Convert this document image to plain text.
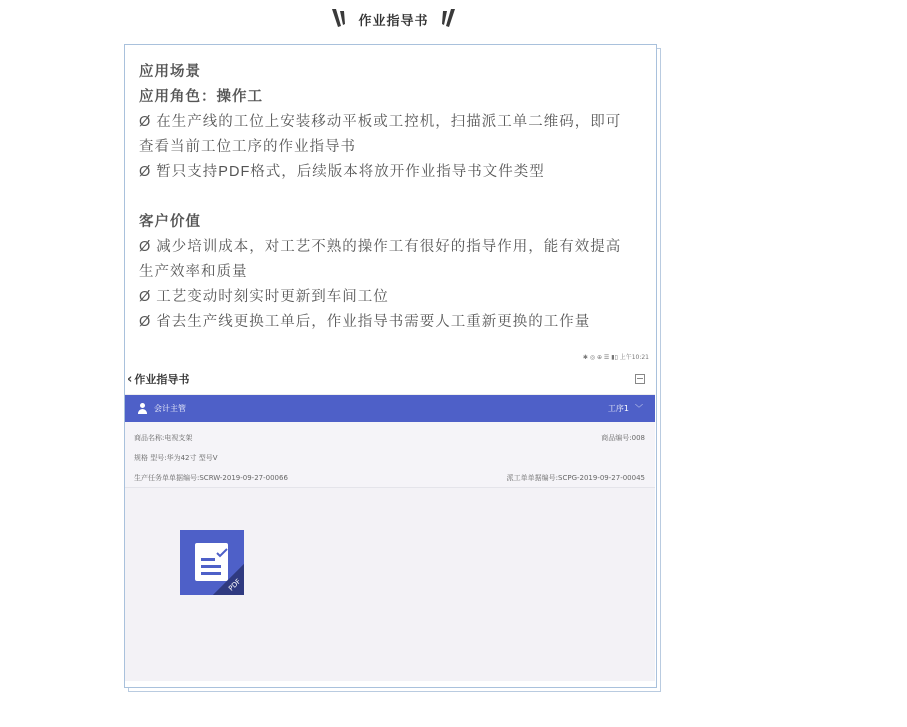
作业指导书

应用场景

应用角色：操作工

Ø 在生产线的工位上安装移动平板或工控机，扫描派工单二维码，即可

查看当前工位工序的作业指导书

Ø 暂只支持PDF格式，后续版本将放开作业指导书文件类型

客户价值

Ø 减少培训成本，对工艺不熟的操作工有很好的指导作用，能有效提高

生产效率和质量

Ø 工艺变动时刻实时更新到车间工位

Ø 省去生产线更换工单后，作业指导书需要人工重新更换的工作量

✱ ◎ ⊕ ☰ ▮▯ 上午10:21
‹ 作业指导书
会计主管	工序1 ﹀
商品名称:电视支架	商品编号:008
规格 型号:华为42寸 型号V
生产任务单单据编号:SCRW-2019-09-27-00066	派工单单据编号:SCPG-2019-09-27-00045
PDF
